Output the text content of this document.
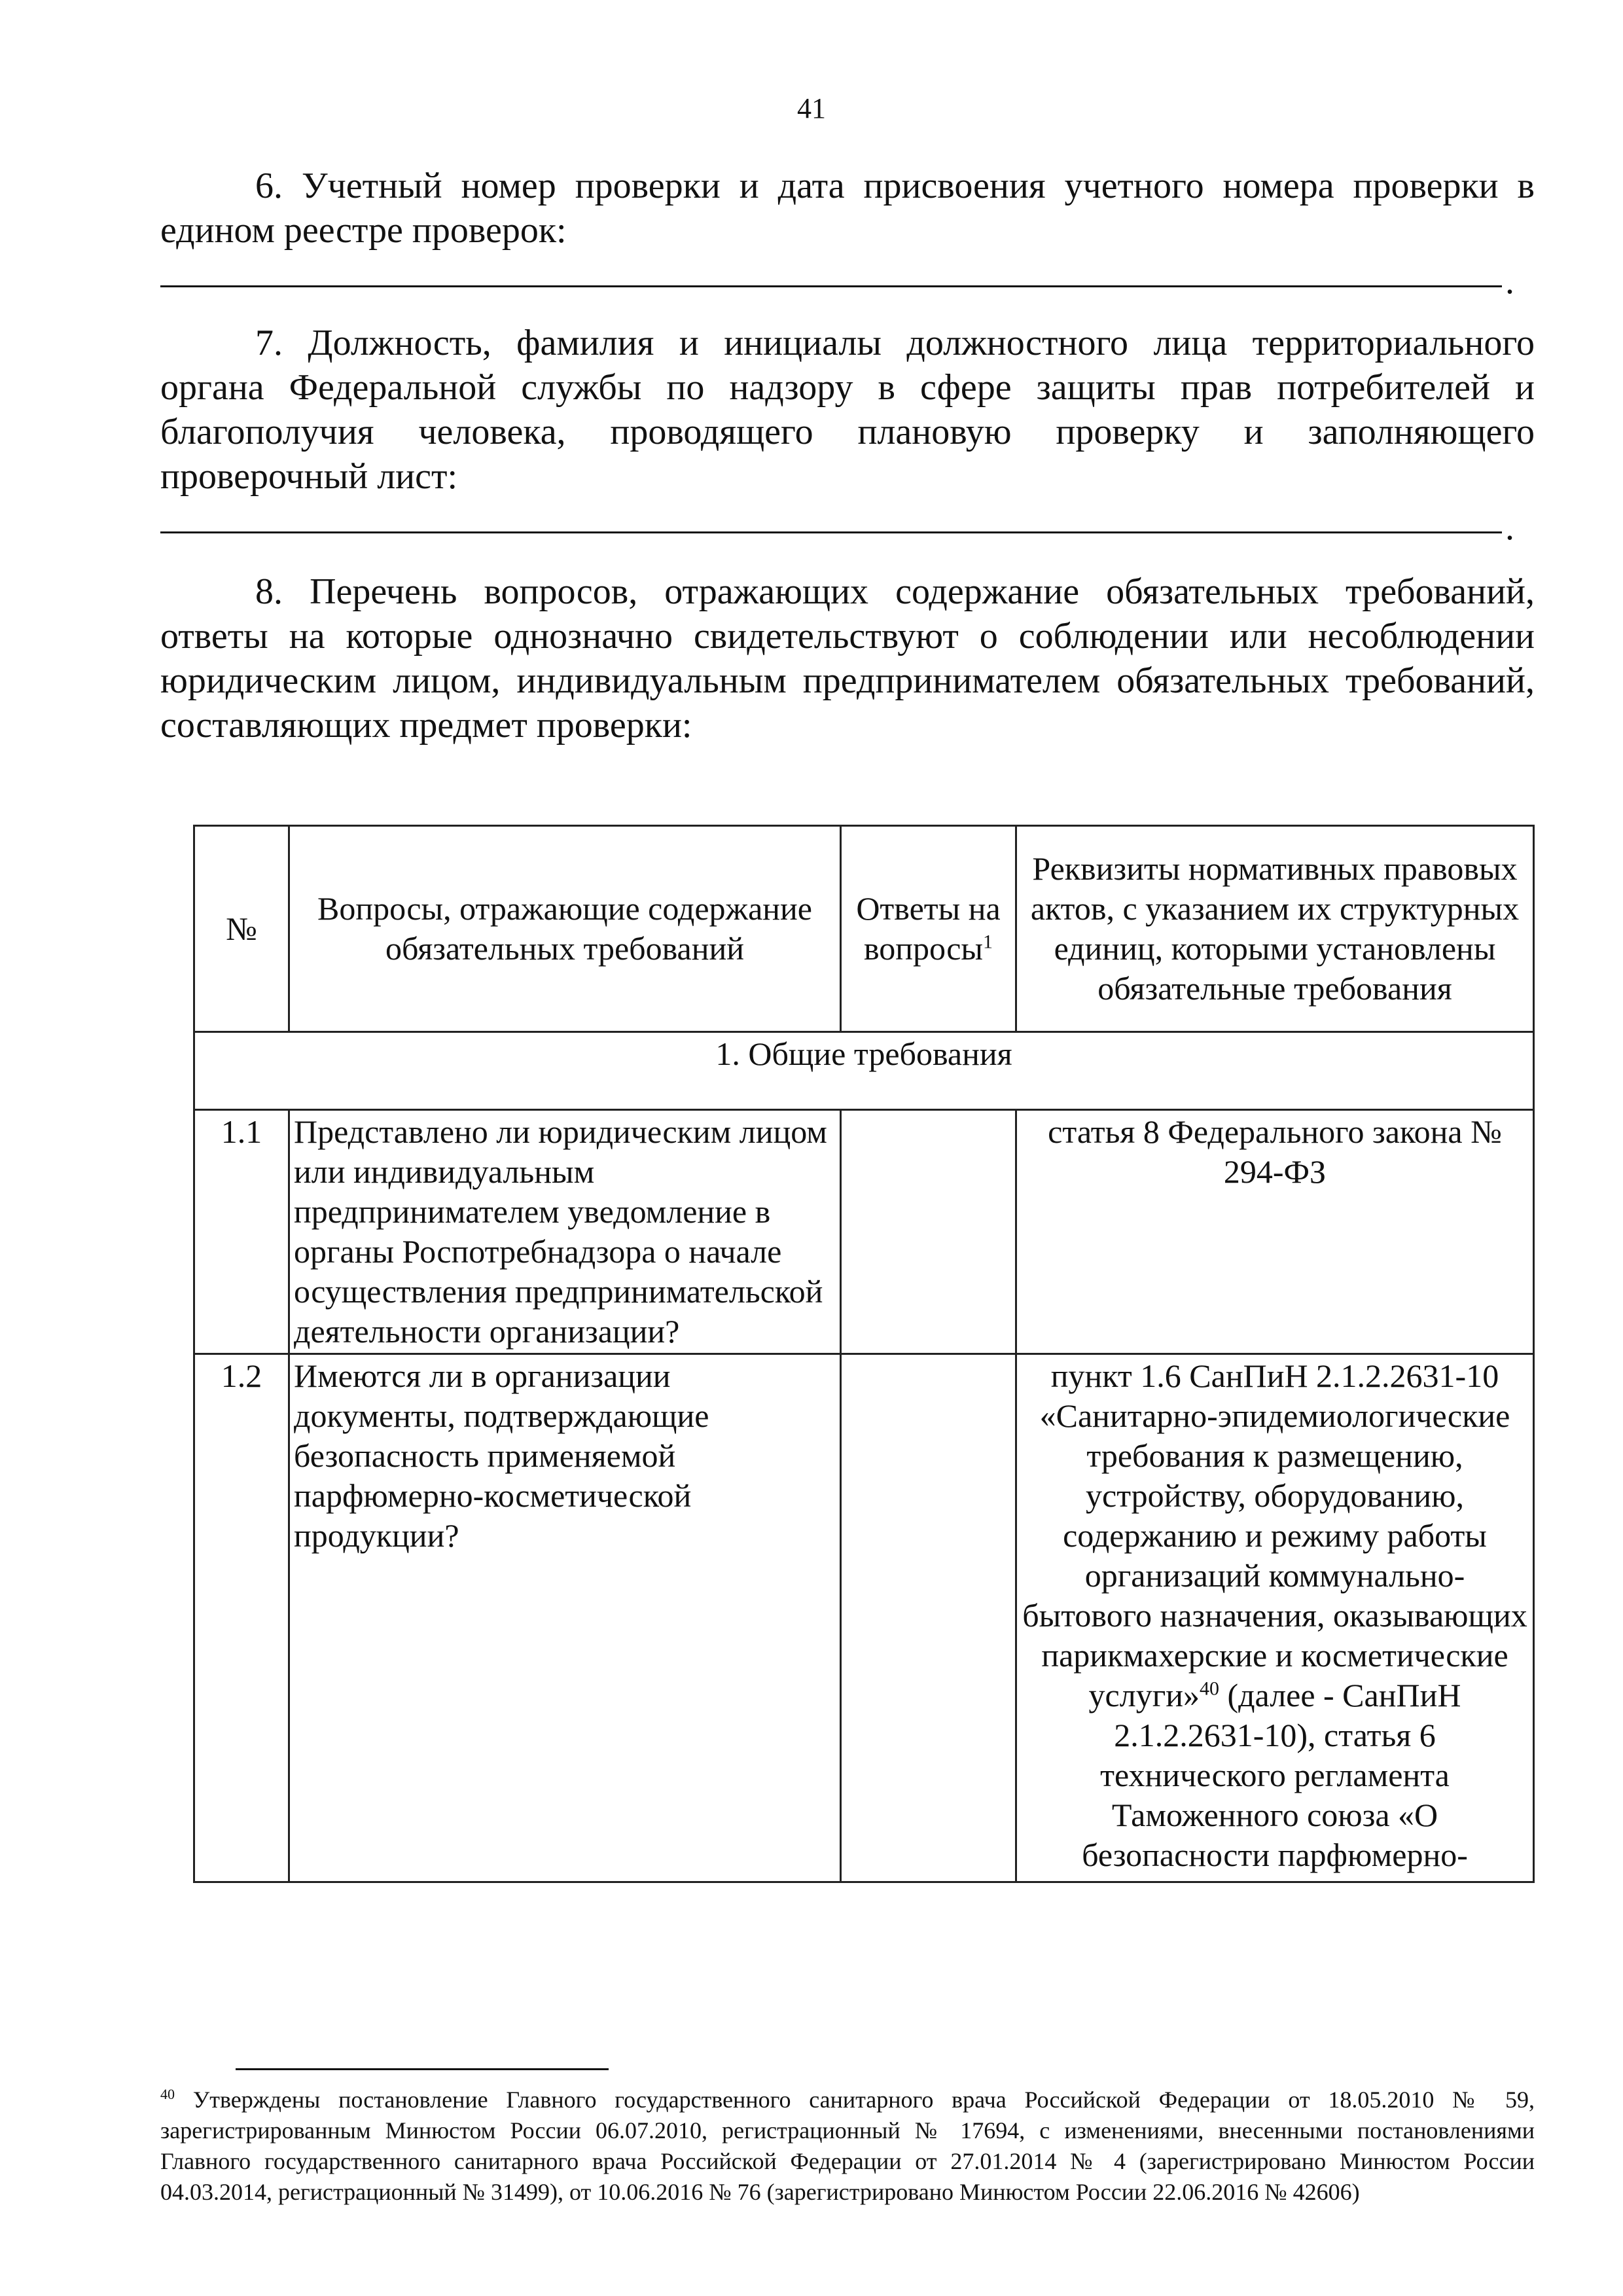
41
6. Учетный номер проверки и дата присвоения учетного номера проверки в едином реестре проверок:
.
7. Должность, фамилия и инициалы должностного лица территориального органа Федеральной службы по надзору в сфере защиты прав потребителей и благополучия человека, проводящего плановую проверку и заполняющего проверочный лист:
.
8. Перечень вопросов, отражающих содержание обязательных требований, ответы на которые однозначно свидетельствуют о соблюдении или несоблюдении юридическим лицом, индивидуальным предпринимателем обязательных требований, составляющих предмет проверки:
№	Вопросы, отражающие содержание обязательных требований	Ответы на вопросы$^1$	Реквизиты нормативных правовых актов, с указанием их структурных единиц, которыми установлены обязательные требования
1. Общие требования			
1.1	Представлено ли юридическим лицом или индивидуальным предпринимателем уведомление в органы Роспотребнадзора о начале осуществления предпринимательской деятельности организации?		статья 8 Федерального закона № 294-ФЗ
1.2	Имеются ли в организации документы, подтверждающие безопасность применяемой парфюмерно-косметической продукции?		пункт 1.6 СанПиН 2.1.2.2631-10 «Санитарно-эпидемиологические требования к размещению, устройству, оборудованию, содержанию и режиму работы организаций коммунально-бытового назначения, оказывающих парикмахерские и косметические услуги»$^{40}$ (далее - СанПиН 2.1.2.2631-10), статья 6 технического регламента Таможенного союза «О безопасности парфюмерно-
$^{40}$ Утверждены постановление Главного государственного санитарного врача Российской Федерации от 18.05.2010 № 59, зарегистрированным Минюстом России 06.07.2010, регистрационный № 17694, с изменениями, внесенными постановлениями Главного государственного санитарного врача Российской Федерации от 27.01.2014 № 4 (зарегистрировано Минюстом России 04.03.2014, регистрационный № 31499), от 10.06.2016 № 76 (зарегистрировано Минюстом России 22.06.2016 № 42606)
